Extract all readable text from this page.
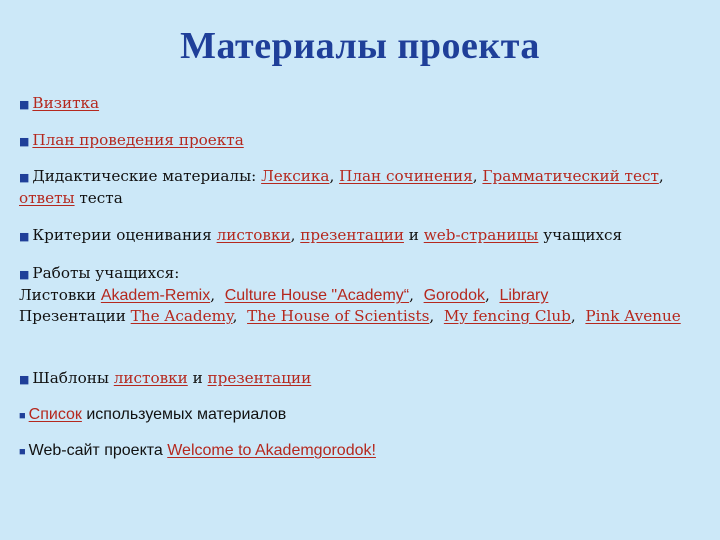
Материалы проекта
■ Визитка
■ План проведения проекта
■ Дидактические материалы: Лексика, План сочинения, Грамматический тест, ответы теста
■ Критерии оценивания листовки, презентации и web-страницы учащихся
■ Работы учащихся:
Листовки Akadem-Remix,  Culture House "Academy“,  Gorodok,  Library
Презентации The Academy,  The House of Scientists,  My fencing Club,  Pink Avenue
■ Шаблоны листовки и презентации
■ Список используемых материалов
■ Web-сайт проекта Welcome to Akademgorodok!
